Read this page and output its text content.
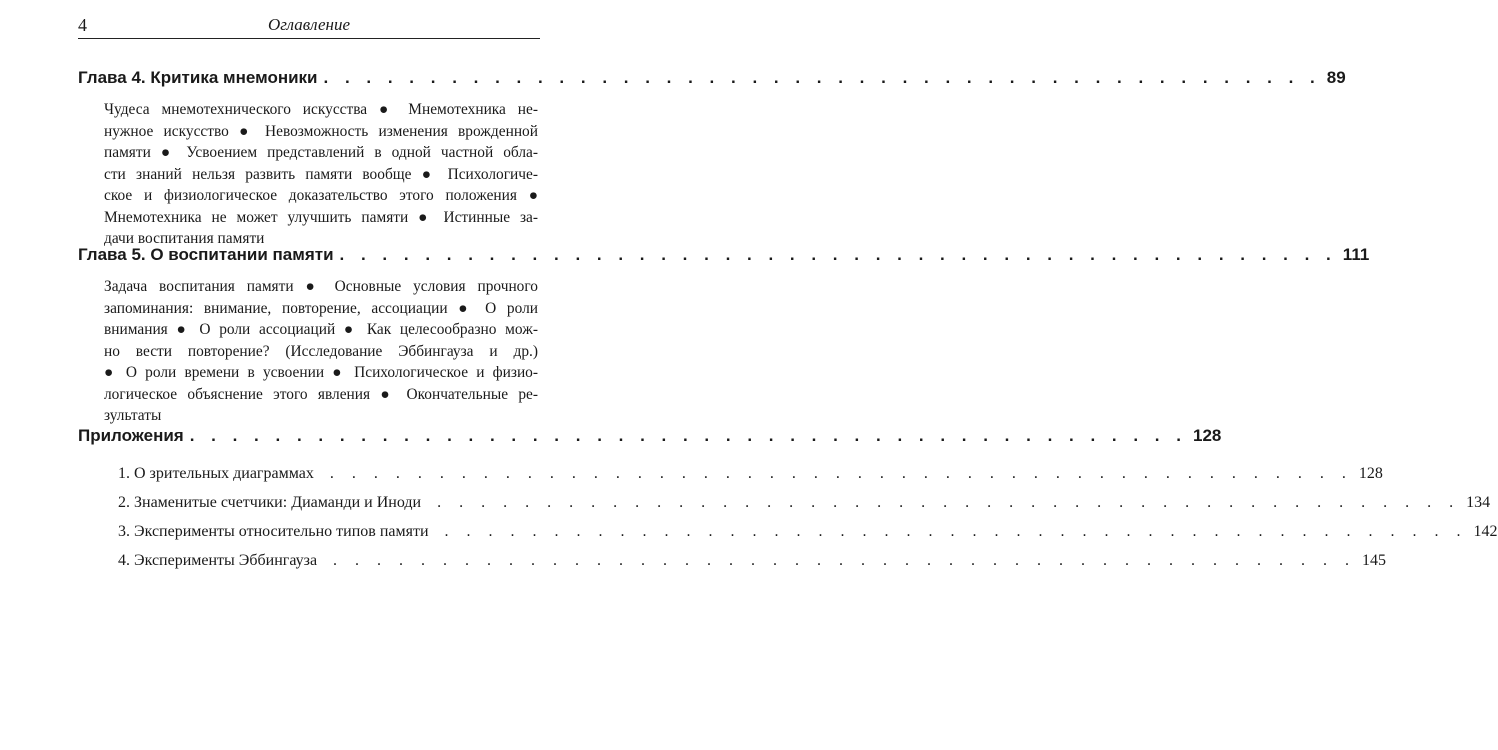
4	Оглавление
Глава 4. Критика мнемоники . . . . . . . . . . . . . . . . . . . . . . . . . . . . . . . . . . . . . . . . . . . . . . . 89
Чудеса мнемотехнического искусства ● Мнемотехника не-
нужное искусство ● Невозможность изменения врожденной
памяти ● Усвоением представлений в одной частной обла-
сти знаний нельзя развить памяти вообще ● Психологиче-
ское и физиологическое доказательство этого положения ●
Мнемотехника не может улучшить памяти ● Истинные за-
дачи воспитания памяти
Глава 5. О воспитании памяти . . . . . . . . . . . . . . . . . . . . . . . . . . . . . . . . . . . . . . . . . . . . . . . 111
Задача воспитания памяти ● Основные условия прочного
запоминания: внимание, повторение, ассоциации ● О роли
внимания ● О роли ассоциаций ● Как целесообразно мож-
но вести повторение? (Исследование Эббингауза и др.)
● О роли времени в усвоении ● Психологическое и физио-
логическое объяснение этого явления ● Окончательные ре-
зультаты
Приложения . . . . . . . . . . . . . . . . . . . . . . . . . . . . . . . . . . . . . . . . . . . . . . . 128
1. О зрительных диаграммах . . . . . . . . . . . . . . . . . . . . . . . . . . . . . . . . . . . . . . . . . . . . . . . 128
2. Знаменитые счетчики: Диаманди и Иноди . . . . . . . . . . . . . . . . . . . . . . . . . . . . . . . . . . . . . . . . . . . . . . . 134
3. Эксперименты относительно типов памяти . . . . . . . . . . . . . . . . . . . . . . . . . . . . . . . . . . . . . . . . . . . . . . . 142
4. Эксперименты Эббингауза . . . . . . . . . . . . . . . . . . . . . . . . . . . . . . . . . . . . . . . . . . . . . . . 145
